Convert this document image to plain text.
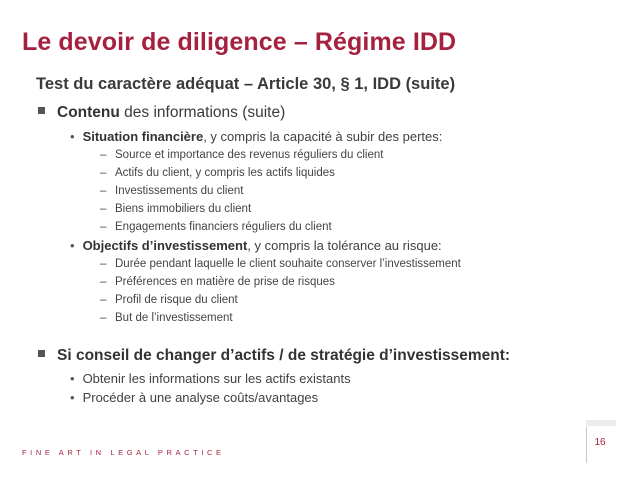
Le devoir de diligence – Régime IDD
Test du caractère adéquat – Article 30, § 1, IDD (suite)
Contenu des informations (suite)
• Situation financière, y compris la capacité à subir des pertes:
– Source et importance des revenus réguliers du client
– Actifs du client, y compris les actifs liquides
– Investissements du client
– Biens immobiliers du client
– Engagements financiers réguliers du client
• Objectifs d’investissement, y compris la tolérance au risque:
– Durée pendant laquelle le client souhaite conserver l’investissement
– Préférences en matière de prise de risques
– Profil de risque du client
– But de l’investissement
Si conseil de changer d’actifs / de stratégie d’investissement:
• Obtenir les informations sur les actifs existants
• Procéder à une analyse coûts/avantages
FINE ART IN LEGAL PRACTICE
16
